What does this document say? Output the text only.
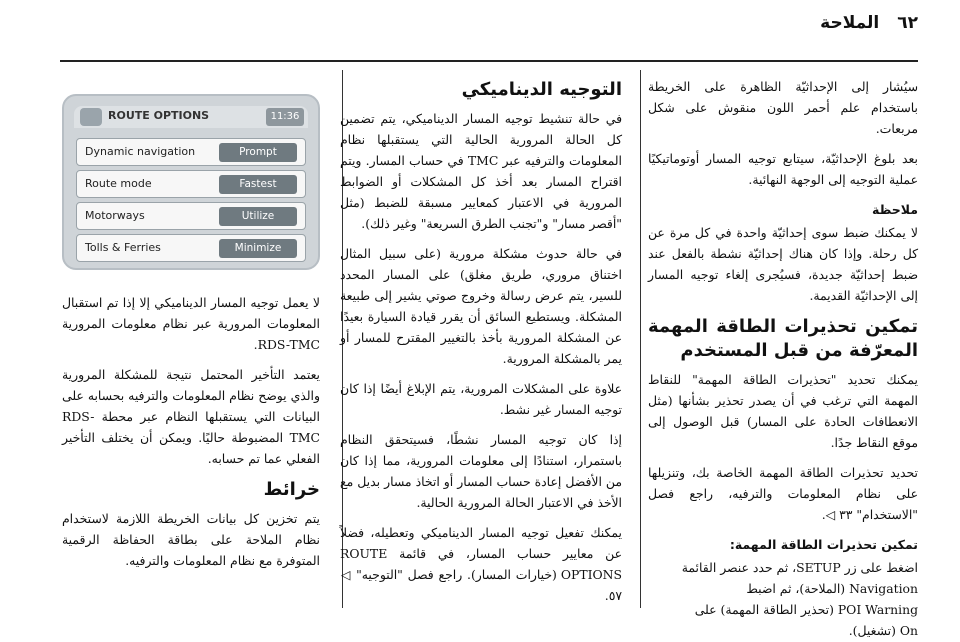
٦٢
الملاحة

سيُشار إلى الإحداثيّة الظاهرة على الخريطة باستخدام علم أحمر اللون منقوش على شكل مربعات.

بعد بلوغ الإحداثيّة، سيتابع توجيه المسار أوتوماتيكيًا عملية التوجيه إلى الوجهة النهائية.

ملاحظة

لا يمكنك ضبط سوى إحداثيّة واحدة في كل مرة عن كل رحلة. وإذا كان هناك إحداثيّة نشطة بالفعل عند ضبط إحداثيّة جديدة، فسيُجرى إلغاء توجيه المسار إلى الإحداثيّة القديمة.

تمكين تحذيرات الطاقة المهمة المعرّفة من قبل المستخدم

يمكنك تحديد "تحذيرات الطاقة المهمة" للنقاط المهمة التي ترغب في أن يصدر تحذير بشأنها (مثل الانعطافات الحادة على المسار) قبل الوصول إلى موقع النقاط جدًا.

تحديد تحذيرات الطاقة المهمة الخاصة بك، وتنزيلها على نظام المعلومات والترفيه، راجع فصل "الاستخدام" ٣٣ ◁.

تمكين تحذيرات الطاقة المهمة:

اضغط على زر SETUP، ثم حدد عنصر القائمة
Navigation (الملاحة)، ثم اضبط
POI Warning (تحذير الطاقة المهمة) على
On (تشغيل).

التوجيه الديناميكي

في حالة تنشيط توجيه المسار الديناميكي، يتم تضمين كل الحالة المرورية الحالية التي يستقبلها نظام المعلومات والترفيه عبر TMC في حساب المسار. ويتم اقتراح المسار بعد أخذ كل المشكلات أو الضوابط المرورية في الاعتبار كمعايير مسبقة للضبط (مثل "أقصر مسار" و"تجنب الطرق السريعة" وغير ذلك).

في حالة حدوث مشكلة مرورية (على سبيل المثال اختناق مروري، طريق مغلق) على المسار المحدد للسير، يتم عرض رسالة وخروج صوتي يشير إلى طبيعة المشكلة. ويستطيع السائق أن يقرر قيادة السيارة بعيدًا عن المشكلة المرورية بأخذ بالتغيير المقترح للمسار أو يمر بالمشكلة المرورية.

علاوة على المشكلات المرورية، يتم الإبلاغ أيضًا إذا كان توجيه المسار غير نشط.

إذا كان توجيه المسار نشطًا، فسيتحقق النظام باستمرار، استنادًا إلى معلومات المرورية، مما إذا كان من الأفضل إعادة حساب المسار أو اتخاذ مسار بديل مع الأخذ في الاعتبار الحالة المرورية الحالية.

يمكنك تفعيل توجيه المسار الديناميكي وتعطيله، فضلاً عن معايير حساب المسار، في قائمة ROUTE OPTIONS (خيارات المسار). راجع فصل "التوجيه" ◁ ٥٧.

لا يعمل توجيه المسار الديناميكي إلا إذا تم استقبال المعلومات المرورية عبر نظام معلومات المرورية RDS-TMC.

يعتمد التأخير المحتمل نتيجة للمشكلة المرورية والذي يوضح نظام المعلومات والترفيه بحسابه على البيانات التي يستقبلها النظام عبر محطة RDS-TMC المضبوطة حاليًا. ويمكن أن يختلف التأخير الفعلي عما تم حسابه.

خرائط

يتم تخزين كل بيانات الخريطة اللازمة لاستخدام نظام الملاحة على بطاقة الحفاظة الرقمية المتوفرة مع نظام المعلومات والترفيه.

ROUTE OPTIONS	11:36
Dynamic navigation	Prompt
Route mode	Fastest
Motorways	Utilize
Tolls & Ferries	Minimize
